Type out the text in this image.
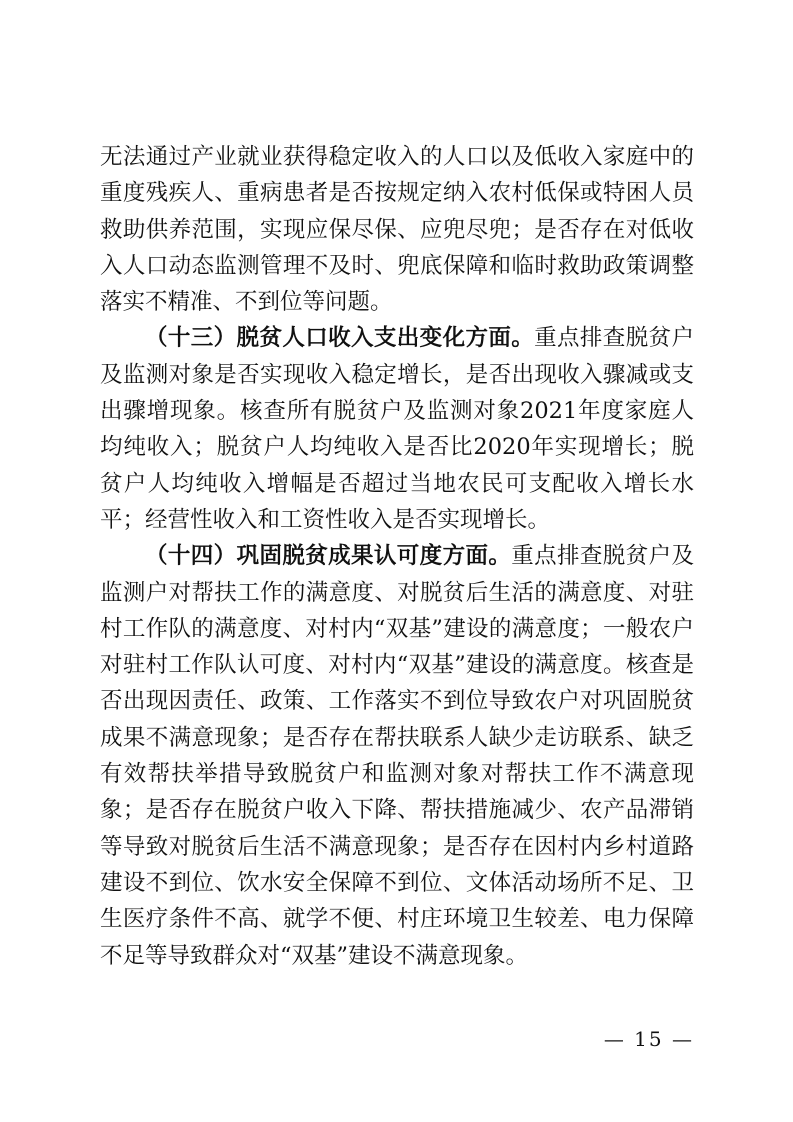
无法通过产业就业获得稳定收入的人口以及低收入家庭中的重度残疾人、重病患者是否按规定纳入农村低保或特困人员救助供养范围，实现应保尽保、应兜尽兜；是否存在对低收入人口动态监测管理不及时、兜底保障和临时救助政策调整落实不精准、不到位等问题。

（十三）脱贫人口收入支出变化方面。重点排查脱贫户及监测对象是否实现收入稳定增长，是否出现收入骤减或支出骤增现象。核查所有脱贫户及监测对象2021年度家庭人均纯收入；脱贫户人均纯收入是否比2020年实现增长；脱贫户人均纯收入增幅是否超过当地农民可支配收入增长水平；经营性收入和工资性收入是否实现增长。

（十四）巩固脱贫成果认可度方面。重点排查脱贫户及监测户对帮扶工作的满意度、对脱贫后生活的满意度、对驻村工作队的满意度、对村内“双基”建设的满意度；一般农户对驻村工作队认可度、对村内“双基”建设的满意度。核查是否出现因责任、政策、工作落实不到位导致农户对巩固脱贫成果不满意现象；是否存在帮扶联系人缺少走访联系、缺乏有效帮扶举措导致脱贫户和监测对象对帮扶工作不满意现象；是否存在脱贫户收入下降、帮扶措施减少、农产品滞销等导致对脱贫后生活不满意现象；是否存在因村内乡村道路建设不到位、饮水安全保障不到位、文体活动场所不足、卫生医疗条件不高、就学不便、村庄环境卫生较差、电力保障不足等导致群众对“双基”建设不满意现象。

— 15 —
